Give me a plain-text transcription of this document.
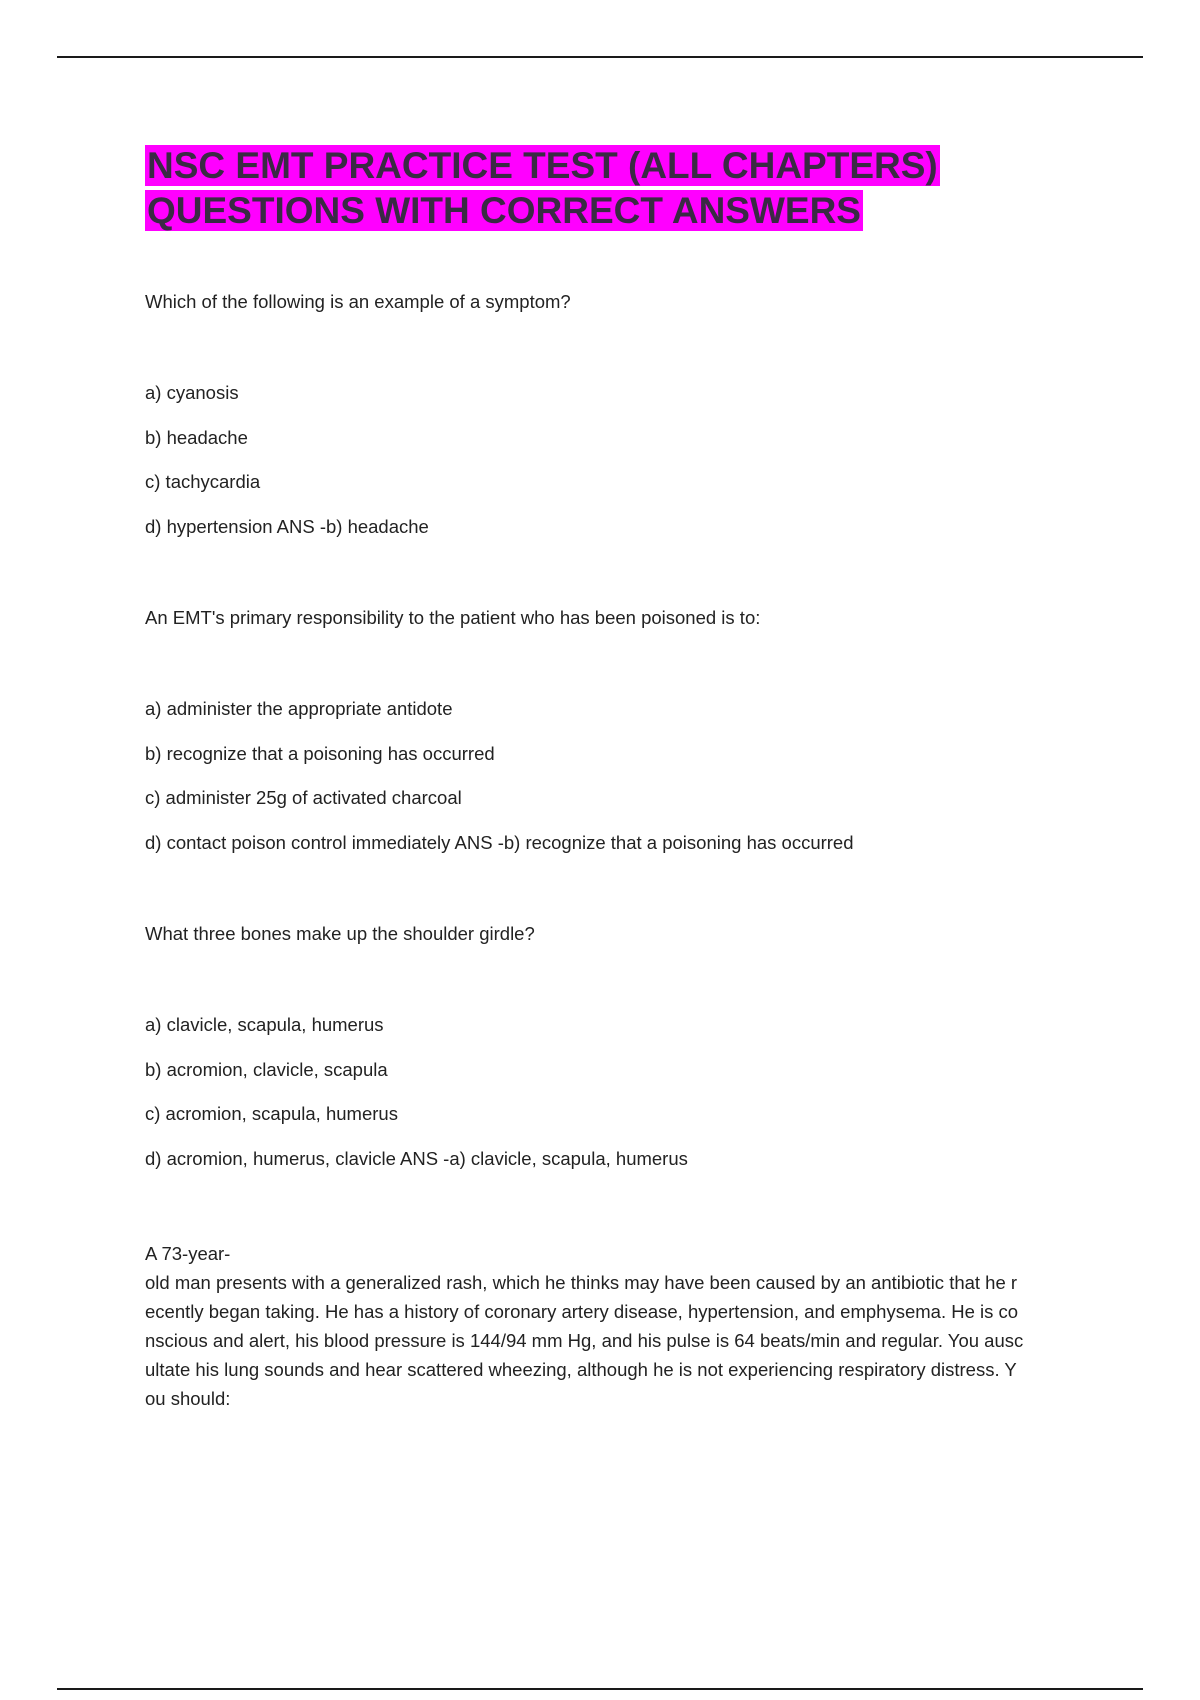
NSC EMT PRACTICE TEST (ALL CHAPTERS)
QUESTIONS WITH CORRECT ANSWERS

Which of the following is an example of a symptom?

a) cyanosis

b) headache

c) tachycardia

d) hypertension ANS -b) headache

An EMT's primary responsibility to the patient who has been poisoned is to:

a) administer the appropriate antidote

b) recognize that a poisoning has occurred

c) administer 25g of activated charcoal

d) contact poison control immediately ANS -b) recognize that a poisoning has occurred

What three bones make up the shoulder girdle?

a) clavicle, scapula, humerus

b) acromion, clavicle, scapula

c) acromion, scapula, humerus

d) acromion, humerus, clavicle ANS -a) clavicle, scapula, humerus

A 73-year-
old man presents with a generalized rash, which he thinks may have been caused by an antibiotic that he r
ecently began taking. He has a history of coronary artery disease, hypertension, and emphysema. He is co
nscious and alert, his blood pressure is 144/94 mm Hg, and his pulse is 64 beats/min and regular. You ausc
ultate his lung sounds and hear scattered wheezing, although he is not experiencing respiratory distress. Y
ou should:
